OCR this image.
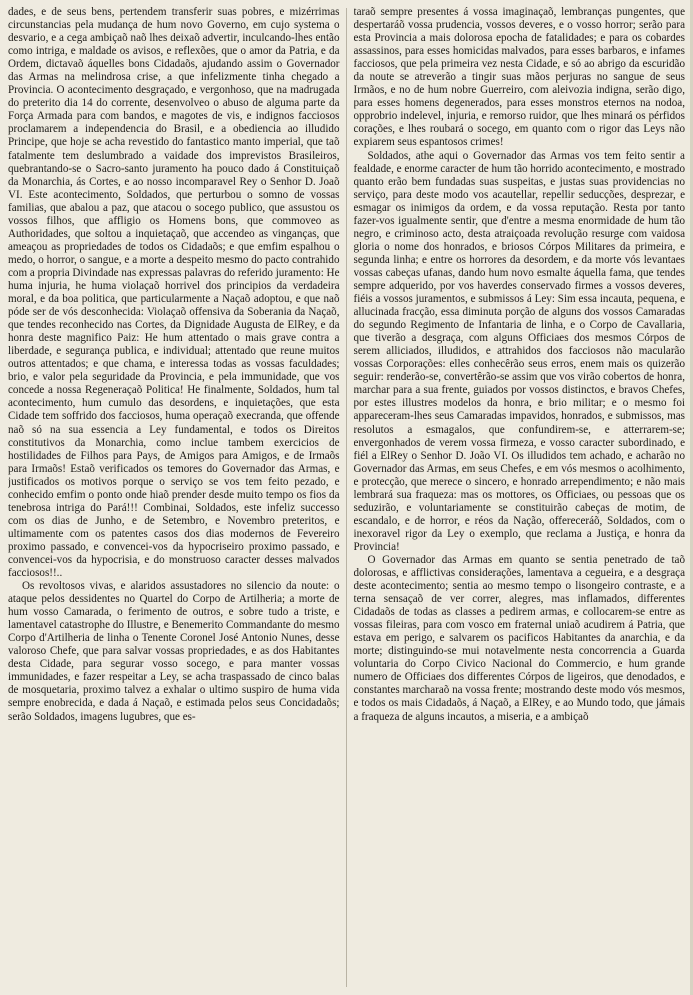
dades, e de seus bens, pertendem transferir suas pobres, e mizérrimas circunstancias pela mudança de hum novo Governo, em cujo systema o desvario, e a cega ambiçaõ naõ lhes deixaõ advertir, inculcando-lhes então como intriga, e maldade os avisos, e reflexões, que o amor da Patria, e da Ordem, dictavaõ áquelles bons Cidadaõs, ajudando assim o Governador das Armas na melindrosa crise, a que infelizmente tinha chegado a Provincia. O acontecimento desgraçado, e vergonhoso, que na madrugada do preterito dia 14 do corrente, desenvolveo o abuso de alguma parte da Força Armada para com bandos, e magotes de vis, e indignos facciosos proclamarem a independencia do Brasil, e a obediencia ao illudido Principe, que hoje se acha revestido do fantastico manto imperial, que taõ fatalmente tem deslumbrado a vaidade dos imprevistos Brasileiros, quebrantando-se o Sacro-santo juramento ha pouco dado á Constituiçaõ da Monarchia, ás Cortes, e ao nosso incomparavel Rey o Senhor D. Joaõ VI. Este acontecimento, Soldados, que perturbou o somno de vossas familias, que abalou a paz, que atacou o socego publico, que assustou os vossos filhos, que affligio os Homens bons, que commoveo as Authoridades, que soltou a inquietaçaõ, que accendeo as vinganças, que ameaçou as propriedades de todos os Cidadaõs; e que emfim espalhou o medo, o horror, o sangue, e a morte a despeito mesmo do pacto contrahido com a propria Divindade nas expressas palavras do referido juramento: He huma injuria, he huma violaçaõ horrivel dos principios da verdadeira moral, e da boa politica, que particularmente a Naçaõ adoptou, e que naõ póde ser de vós desconhecida: Violaçaõ offensiva da Soberania da Naçaõ, que tendes reconhecido nas Cortes, da Dignidade Augusta de ElRey, e da honra deste magnifico Paiz: He hum attentado o mais grave contra a liberdade, e segurança publica, e individual; attentado que reune muitos outros attentados; e que chama, e interessa todas as vossas faculdades; brio, e valor pela seguridade da Provincia, e pela immunidade, que vos concede a nossa Regeneraçaõ Politica! He finalmente, Soldados, hum tal acontecimento, hum cumulo das desordens, e inquietações, que esta Cidade tem soffrido dos facciosos, huma operaçaõ execranda, que offende naõ só na sua essencia a Ley fundamental, e todos os Direitos constitutivos da Monarchia, como inclue tambem exercicios de hostilidades de Filhos para Pays, de Amigos para Amigos, e de Irmaõs para Irmaõs! Estaõ verificados os temores do Governador das Armas, e justificados os motivos porque o serviço se vos tem feito pezado, e conhecido emfim o ponto onde hiaõ prender desde muito tempo os fios da tenebrosa intriga do Pará!!! Combinai, Soldados, este infeliz successo com os dias de Junho, e de Setembro, e Novembro preteritos, e ultimamente com os patentes casos dos dias modernos de Fevereiro proximo passado, e convencei-vos da hypocriseiro proximo passado, e convencei-vos da hypocrisia, e do monstruoso caracter desses malvados facciosos!!..

Os revoltosos vivas, e alaridos assustadores no silencio da noute: o ataque pelos dessidentes no Quartel do Corpo de Artilheria; a morte de hum vosso Camarada, o ferimento de outros, e sobre tudo a triste, e lamentavel catastrophe do Illustre, e Benemerito Commandante do mesmo Corpo d'Artilheria de linha o Tenente Coronel José Antonio Nunes, desse valoroso Chefe, que para salvar vossas propriedades, e as dos Habitantes desta Cidade, para segurar vosso socego, e para manter vossas immunidades, e fazer respeitar a Ley, se acha traspassado de cinco balas de mosquetaria, proximo talvez a exhalar o ultimo suspiro de huma vida sempre enobrecida, e dada á Naçaõ, e estimada pelos seus Concidadaõs; serão Soldados, imagens lugubres, que es-

taraõ sempre presentes á vossa imaginaçaõ, lembranças pungentes, que despertaráõ vossa prudencia, vossos deveres, e o vosso horror; serão para esta Provincia a mais dolorosa epocha de fatalidades; e para os cobardes assassinos, para esses homicidas malvados, para esses barbaros, e infames facciosos, que pela primeira vez nesta Cidade, e só ao abrigo da escuridão da noute se atreverão a tingir suas mãos perjuras no sangue de seus Irmãos, e no de hum nobre Guerreiro, com aleivozia indigna, serão digo, para esses homens degenerados, para esses monstros eternos na nodoa, opprobrio indelevel, injuria, e remorso ruidor, que lhes minará os pérfidos corações, e lhes roubará o socego, em quanto com o rigor das Leys não expiarem seus espantosos crimes!

Soldados, athe aqui o Governador das Armas vos tem feito sentir a fealdade, e enorme caracter de hum tão horrido acontecimento, e mostrado quanto erão bem fundadas suas suspeitas, e justas suas providencias no serviço, para deste modo vos acautellar, repellir seducções, desprezar, e esmagar os inimigos da ordem, e da vossa reputação. Resta por tanto fazer-vos igualmente sentir, que d'entre a mesma enormidade de hum tão negro, e criminoso acto, desta atraiçoada revolução resurge com vaidosa gloria o nome dos honrados, e briosos Córpos Militares da primeira, e segunda linha; e entre os horrores da desordem, e da morte vós levantaes vossas cabeças ufanas, dando hum novo esmalte áquella fama, que tendes sempre adquerido, por vos haverdes conservado firmes a vossos deveres, fiéis a vossos juramentos, e submissos á Ley: Sim essa incauta, pequena, e allucinada fracção, essa diminuta porção de alguns dos vossos Camaradas do segundo Regimento de Infantaria de linha, e o Corpo de Cavallaria, que tiverão a desgraça, com alguns Officiaes dos mesmos Córpos de serem alliciados, illudidos, e attrahidos dos facciosos não macularão vossas Corporações: elles conhecêrão seus erros, enem mais os quizerão seguir: renderão-se, convertêrão-se assim que vos virão cobertos de honra, marchar para a sua frente, guiados por vossos distinctos, e bravos Chefes, por estes illustres modelos da honra, e brio militar; e o mesmo foi appareceram-lhes seus Camaradas impavidos, honrados, e submissos, mas resolutos a esmagalos, que confundirem-se, e atterrarem-se; envergonhados de verem vossa firmeza, e vosso caracter subordinado, e fiél a ElRey o Senhor D. João VI. Os illudidos tem achado, e acharão no Governador das Armas, em seus Chefes, e em vós mesmos o acolhimento, e protecção, que merece o sincero, e honrado arrependimento; e não mais lembrará sua fraqueza: mas os mottores, os Officiaes, ou pessoas que os seduzirão, e voluntariamente se constituirão cabeças de motim, de escandalo, e de horror, e réos da Nação, offereceráõ, Soldados, com o inexoravel rigor da Ley o exemplo, que reclama a Justiça, e honra da Provincia!

O Governador das Armas em quanto se sentia penetrado de taõ dolorosas, e afflictivas considerações, lamentava a cegueira, e a desgraça deste acontecimento; sentia ao mesmo tempo o lisongeiro contraste, e a terna sensaçaõ de ver correr, alegres, mas inflamados, differentes Cidadaõs de todas as classes a pedirem armas, e collocarem-se entre as vossas fileiras, para com vosco em fraternal uniaõ acudirem á Patria, que estava em perigo, e salvarem os pacificos Habitantes da anarchia, e da morte; distinguindo-se mui notavelmente nesta concorrencia a Guarda voluntaria do Corpo Civico Nacional do Commercio, e hum grande numero de Officiaes dos differentes Córpos de ligeiros, que denodados, e constantes marcharaõ na vossa frente; mostrando deste modo vós mesmos, e todos os mais Cidadaõs, á Naçaõ, a ElRey, e ao Mundo todo, que jámais a fraqueza de alguns incautos, a miseria, e a ambiçaõ
